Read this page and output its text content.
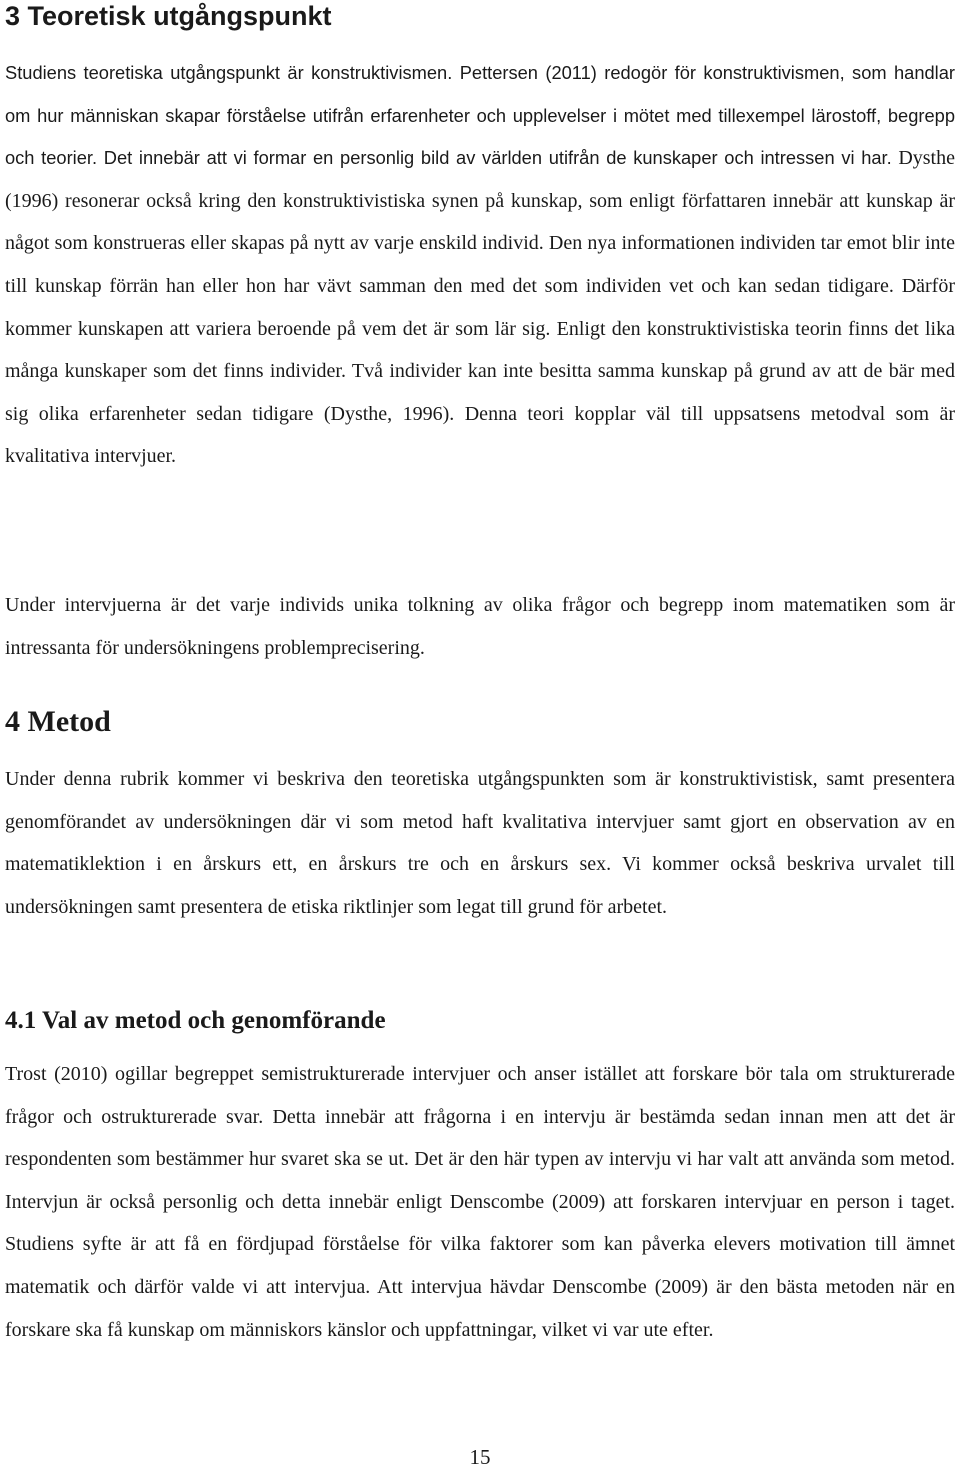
3 Teoretisk utgångspunkt

Studiens teoretiska utgångspunkt är konstruktivismen. Pettersen (2011) redogör för konstruktivismen, som handlar om hur människan skapar förståelse utifrån erfarenheter och upplevelser i mötet med tillexempel lärostoff, begrepp och teorier. Det innebär att vi formar en personlig bild av världen utifrån de kunskaper och intressen vi har. Dysthe (1996) resonerar också kring den konstruktivistiska synen på kunskap, som enligt författaren innebär att kunskap är något som konstrueras eller skapas på nytt av varje enskild individ. Den nya informationen individen tar emot blir inte till kunskap förrän han eller hon har vävt samman den med det som individen vet och kan sedan tidigare. Därför kommer kunskapen att variera beroende på vem det är som lär sig. Enligt den konstruktivistiska teorin finns det lika många kunskaper som det finns individer. Två individer kan inte besitta samma kunskap på grund av att de bär med sig olika erfarenheter sedan tidigare (Dysthe, 1996). Denna teori kopplar väl till uppsatsens metodval som är kvalitativa intervjuer.

Under intervjuerna är det varje individs unika tolkning av olika frågor och begrepp inom matematiken som är intressanta för undersökningens problemprecisering.

4 Metod

Under denna rubrik kommer vi beskriva den teoretiska utgångspunkten som är konstruktivistisk, samt presentera genomförandet av undersökningen där vi som metod haft kvalitativa intervjuer samt gjort en observation av en matematiklektion i en årskurs ett, en årskurs tre och en årskurs sex. Vi kommer också beskriva urvalet till undersökningen samt presentera de etiska riktlinjer som legat till grund för arbetet.

4.1 Val av metod och genomförande

Trost (2010) ogillar begreppet semistrukturerade intervjuer och anser istället att forskare bör tala om strukturerade frågor och ostrukturerade svar. Detta innebär att frågorna i en intervju är bestämda sedan innan men att det är respondenten som bestämmer hur svaret ska se ut. Det är den här typen av intervju vi har valt att använda som metod. Intervjun är också personlig och detta innebär enligt Denscombe (2009) att forskaren intervjuar en person i taget. Studiens syfte är att få en fördjupad förståelse för vilka faktorer som kan påverka elevers motivation till ämnet matematik och därför valde vi att intervjua. Att intervjua hävdar Denscombe (2009) är den bästa metoden när en forskare ska få kunskap om människors känslor och uppfattningar, vilket vi var ute efter.

15
